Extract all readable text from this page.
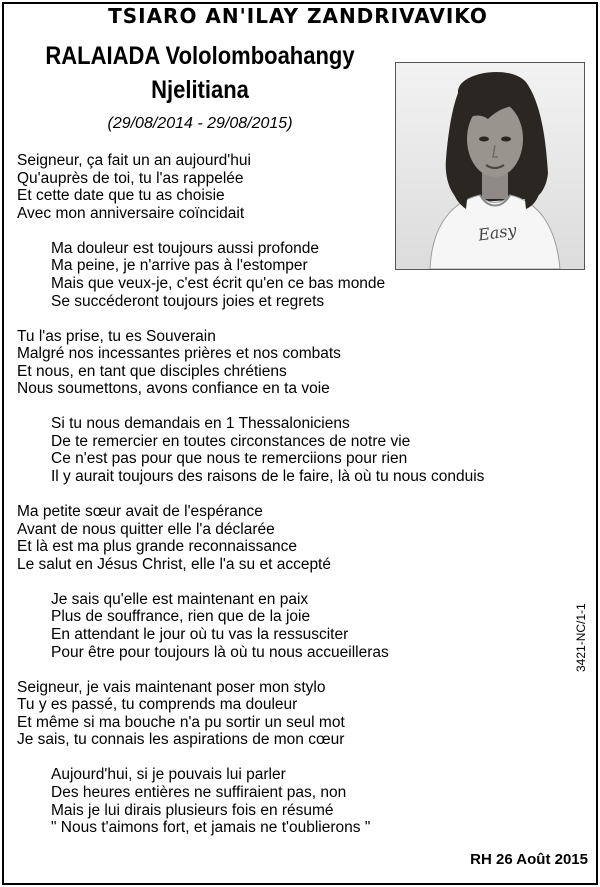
TSIARO AN'ILAY ZANDRIVAVIKO
RALAIADA Vololomboahangy
Njelitiana
(29/08/2014 - 29/08/2015)
Easy
Seigneur, ça fait un an aujourd'hui
Qu'auprès de toi, tu l'as rappelée
Et cette date que tu as choisie
Avec mon anniversaire coïncidait
Ma douleur est toujours aussi profonde
Ma peine, je n'arrive pas à l'estomper
Mais que veux-je, c'est écrit qu'en ce bas monde
Se succéderont toujours joies et regrets
Tu l'as prise, tu es Souverain
Malgré nos incessantes prières et nos combats
Et nous, en tant que disciples chrétiens
Nous soumettons, avons confiance en ta voie
Si tu nous demandais en 1 Thessaloniciens
De te remercier en toutes circonstances de notre vie
Ce n'est pas pour que nous te remerciions pour rien
Il y aurait toujours des raisons de le faire, là où tu nous conduis
Ma petite sœur avait de l'espérance
Avant de nous quitter elle l'a déclarée
Et là est ma plus grande reconnaissance
Le salut en Jésus Christ, elle l'a su et accepté
Je sais qu'elle est maintenant en paix
Plus de souffrance, rien que de la joie
En attendant le jour où tu vas la ressusciter
Pour être pour toujours là où tu nous accueilleras
Seigneur, je vais maintenant poser mon stylo
Tu y es passé, tu comprends ma douleur
Et même si ma bouche n'a pu sortir un seul mot
Je sais, tu connais les aspirations de mon cœur
Aujourd'hui, si je pouvais lui parler
Des heures entières ne suffiraient pas, non
Mais je lui dirais plusieurs fois en résumé
" Nous t'aimons fort, et jamais ne t'oublierons "
3421-NC/1-1
RH 26 Août 2015
